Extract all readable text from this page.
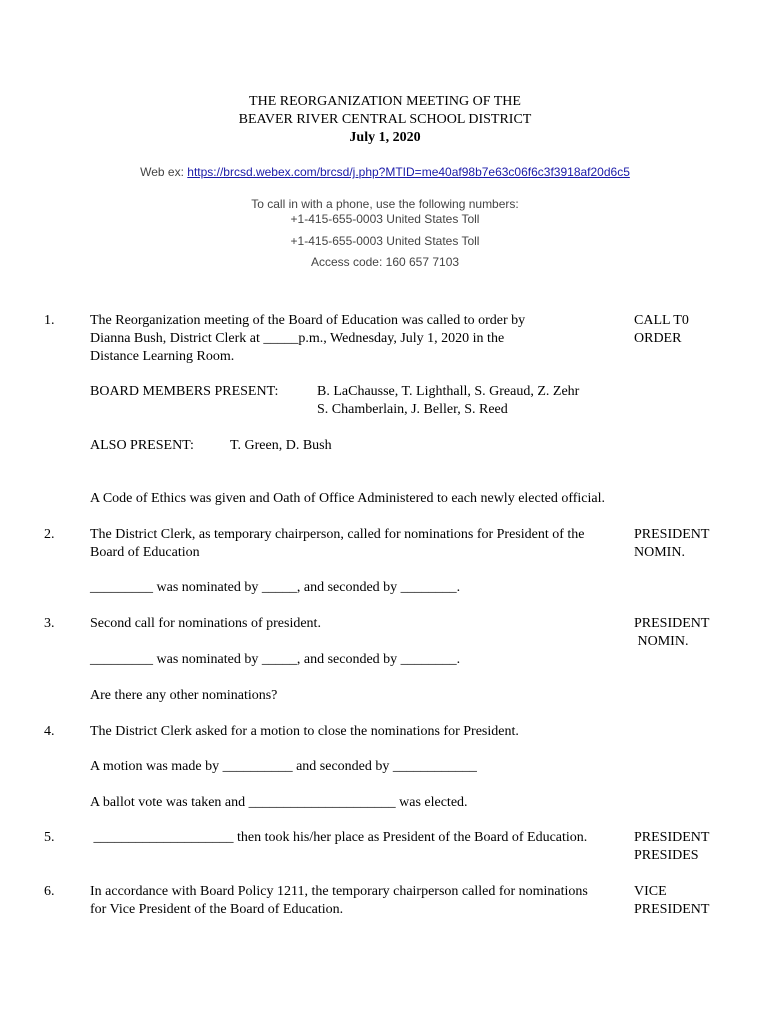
THE REORGANIZATION MEETING OF THE
BEAVER RIVER CENTRAL SCHOOL DISTRICT
July 1, 2020
Web ex: https://brcsd.webex.com/brcsd/j.php?MTID=me40af98b7e63c06f6c3f3918af20d6c5
To call in with a phone, use the following numbers:
+1-415-655-0003 United States Toll
+1-415-655-0003 United States Toll
Access code: 160 657 7103
1.	The Reorganization meeting of the Board of Education was called to order by
Dianna Bush, District Clerk at _____p.m., Wednesday, July 1, 2020 in the
Distance Learning Room.
CALL T0
ORDER
BOARD MEMBERS PRESENT:	B. LaChausse, T. Lighthall, S. Greaud, Z. Zehr
S. Chamberlain, J. Beller, S. Reed
ALSO PRESENT:	T. Green, D. Bush
A Code of Ethics was given and Oath of Office Administered to each newly elected official.
2.	The District Clerk, as temporary chairperson, called for nominations for President of the
Board of Education
PRESIDENT
NOMIN.
_________ was nominated by _____, and seconded by ________.
3.	Second call for nominations of president.	PRESIDENT
NOMIN.
_________ was nominated by _____, and seconded by ________.
Are there any other nominations?
4.	The District Clerk asked for a motion to close the nominations for President.
A motion was made by __________ and seconded by ____________
A ballot vote was taken and _____________________ was elected.
5.	____________________ then took his/her place as President of the Board of Education.	PRESIDENT
PRESIDES
6.	In accordance with Board Policy 1211, the temporary chairperson called for nominations
for Vice President of the Board of Education.
VICE
PRESIDENT
